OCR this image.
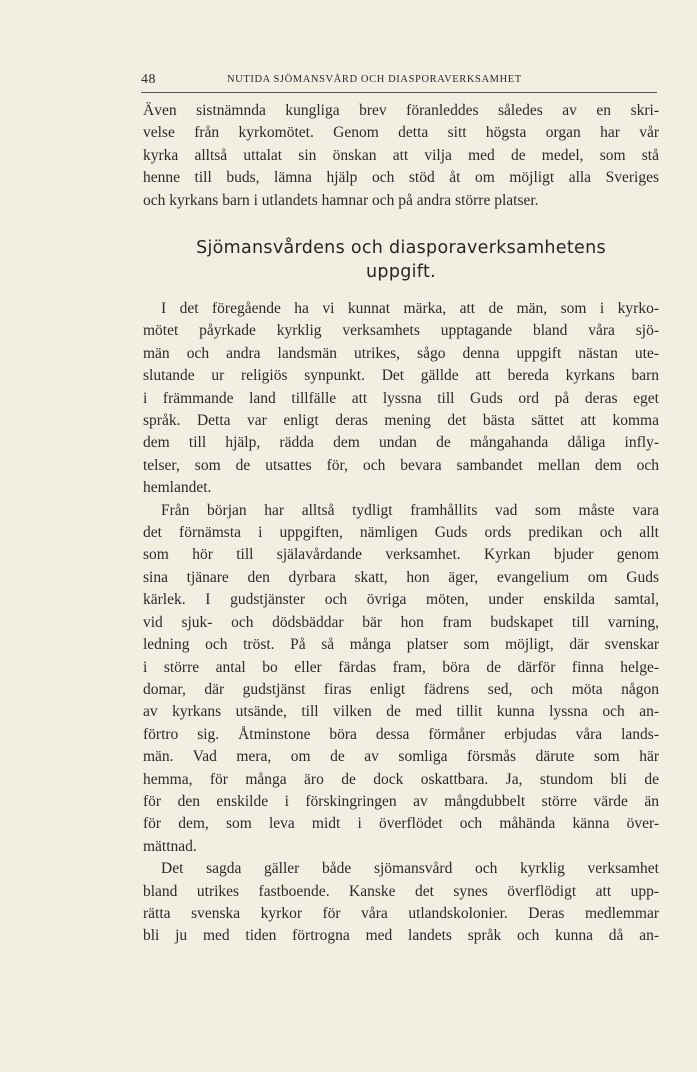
48	NUTIDA SJÖMANSVÅRD OCH DIASPORAVERKSAMHET

Även sistnämnda kungliga brev föranleddes således av en skri-

velse från kyrkomötet. Genom detta sitt högsta organ har vår

kyrka alltså uttalat sin önskan att vilja med de medel, som stå

henne till buds, lämna hjälp och stöd åt om möjligt alla Sveriges

och kyrkans barn i utlandets hamnar och på andra större platser.

Sjömansvårdens och diasporaverksamhetens
uppgift.

I det föregående ha vi kunnat märka, att de män, som i kyrko-

mötet påyrkade kyrklig verksamhets upptagande bland våra sjö-

män och andra landsmän utrikes, sågo denna uppgift nästan ute-

slutande ur religiös synpunkt. Det gällde att bereda kyrkans barn

i främmande land tillfälle att lyssna till Guds ord på deras eget

språk. Detta var enligt deras mening det bästa sättet att komma

dem till hjälp, rädda dem undan de mångahanda dåliga infly-

telser, som de utsattes för, och bevara sambandet mellan dem och

hemlandet.

Från början har alltså tydligt framhållits vad som måste vara

det förnämsta i uppgiften, nämligen Guds ords predikan och allt

som hör till själavårdande verksamhet. Kyrkan bjuder genom

sina tjänare den dyrbara skatt, hon äger, evangelium om Guds

kärlek. I gudstjänster och övriga möten, under enskilda samtal,

vid sjuk- och dödsbäddar bär hon fram budskapet till varning,

ledning och tröst. På så många platser som möjligt, där svenskar

i större antal bo eller färdas fram, böra de därför finna helge-

domar, där gudstjänst firas enligt fädrens sed, och möta någon

av kyrkans utsände, till vilken de med tillit kunna lyssna och an-

förtro sig. Åtminstone böra dessa förmåner erbjudas våra lands-

män. Vad mera, om de av somliga försmås därute som här

hemma, för många äro de dock oskattbara. Ja, stundom bli de

för den enskilde i förskingringen av mångdubbelt större värde än

för dem, som leva midt i överflödet och måhända känna över-

mättnad.

Det sagda gäller både sjömansvård och kyrklig verksamhet

bland utrikes fastboende. Kanske det synes överflödigt att upp-

rätta svenska kyrkor för våra utlandskolonier. Deras medlemmar

bli ju med tiden förtrogna med landets språk och kunna då an-
